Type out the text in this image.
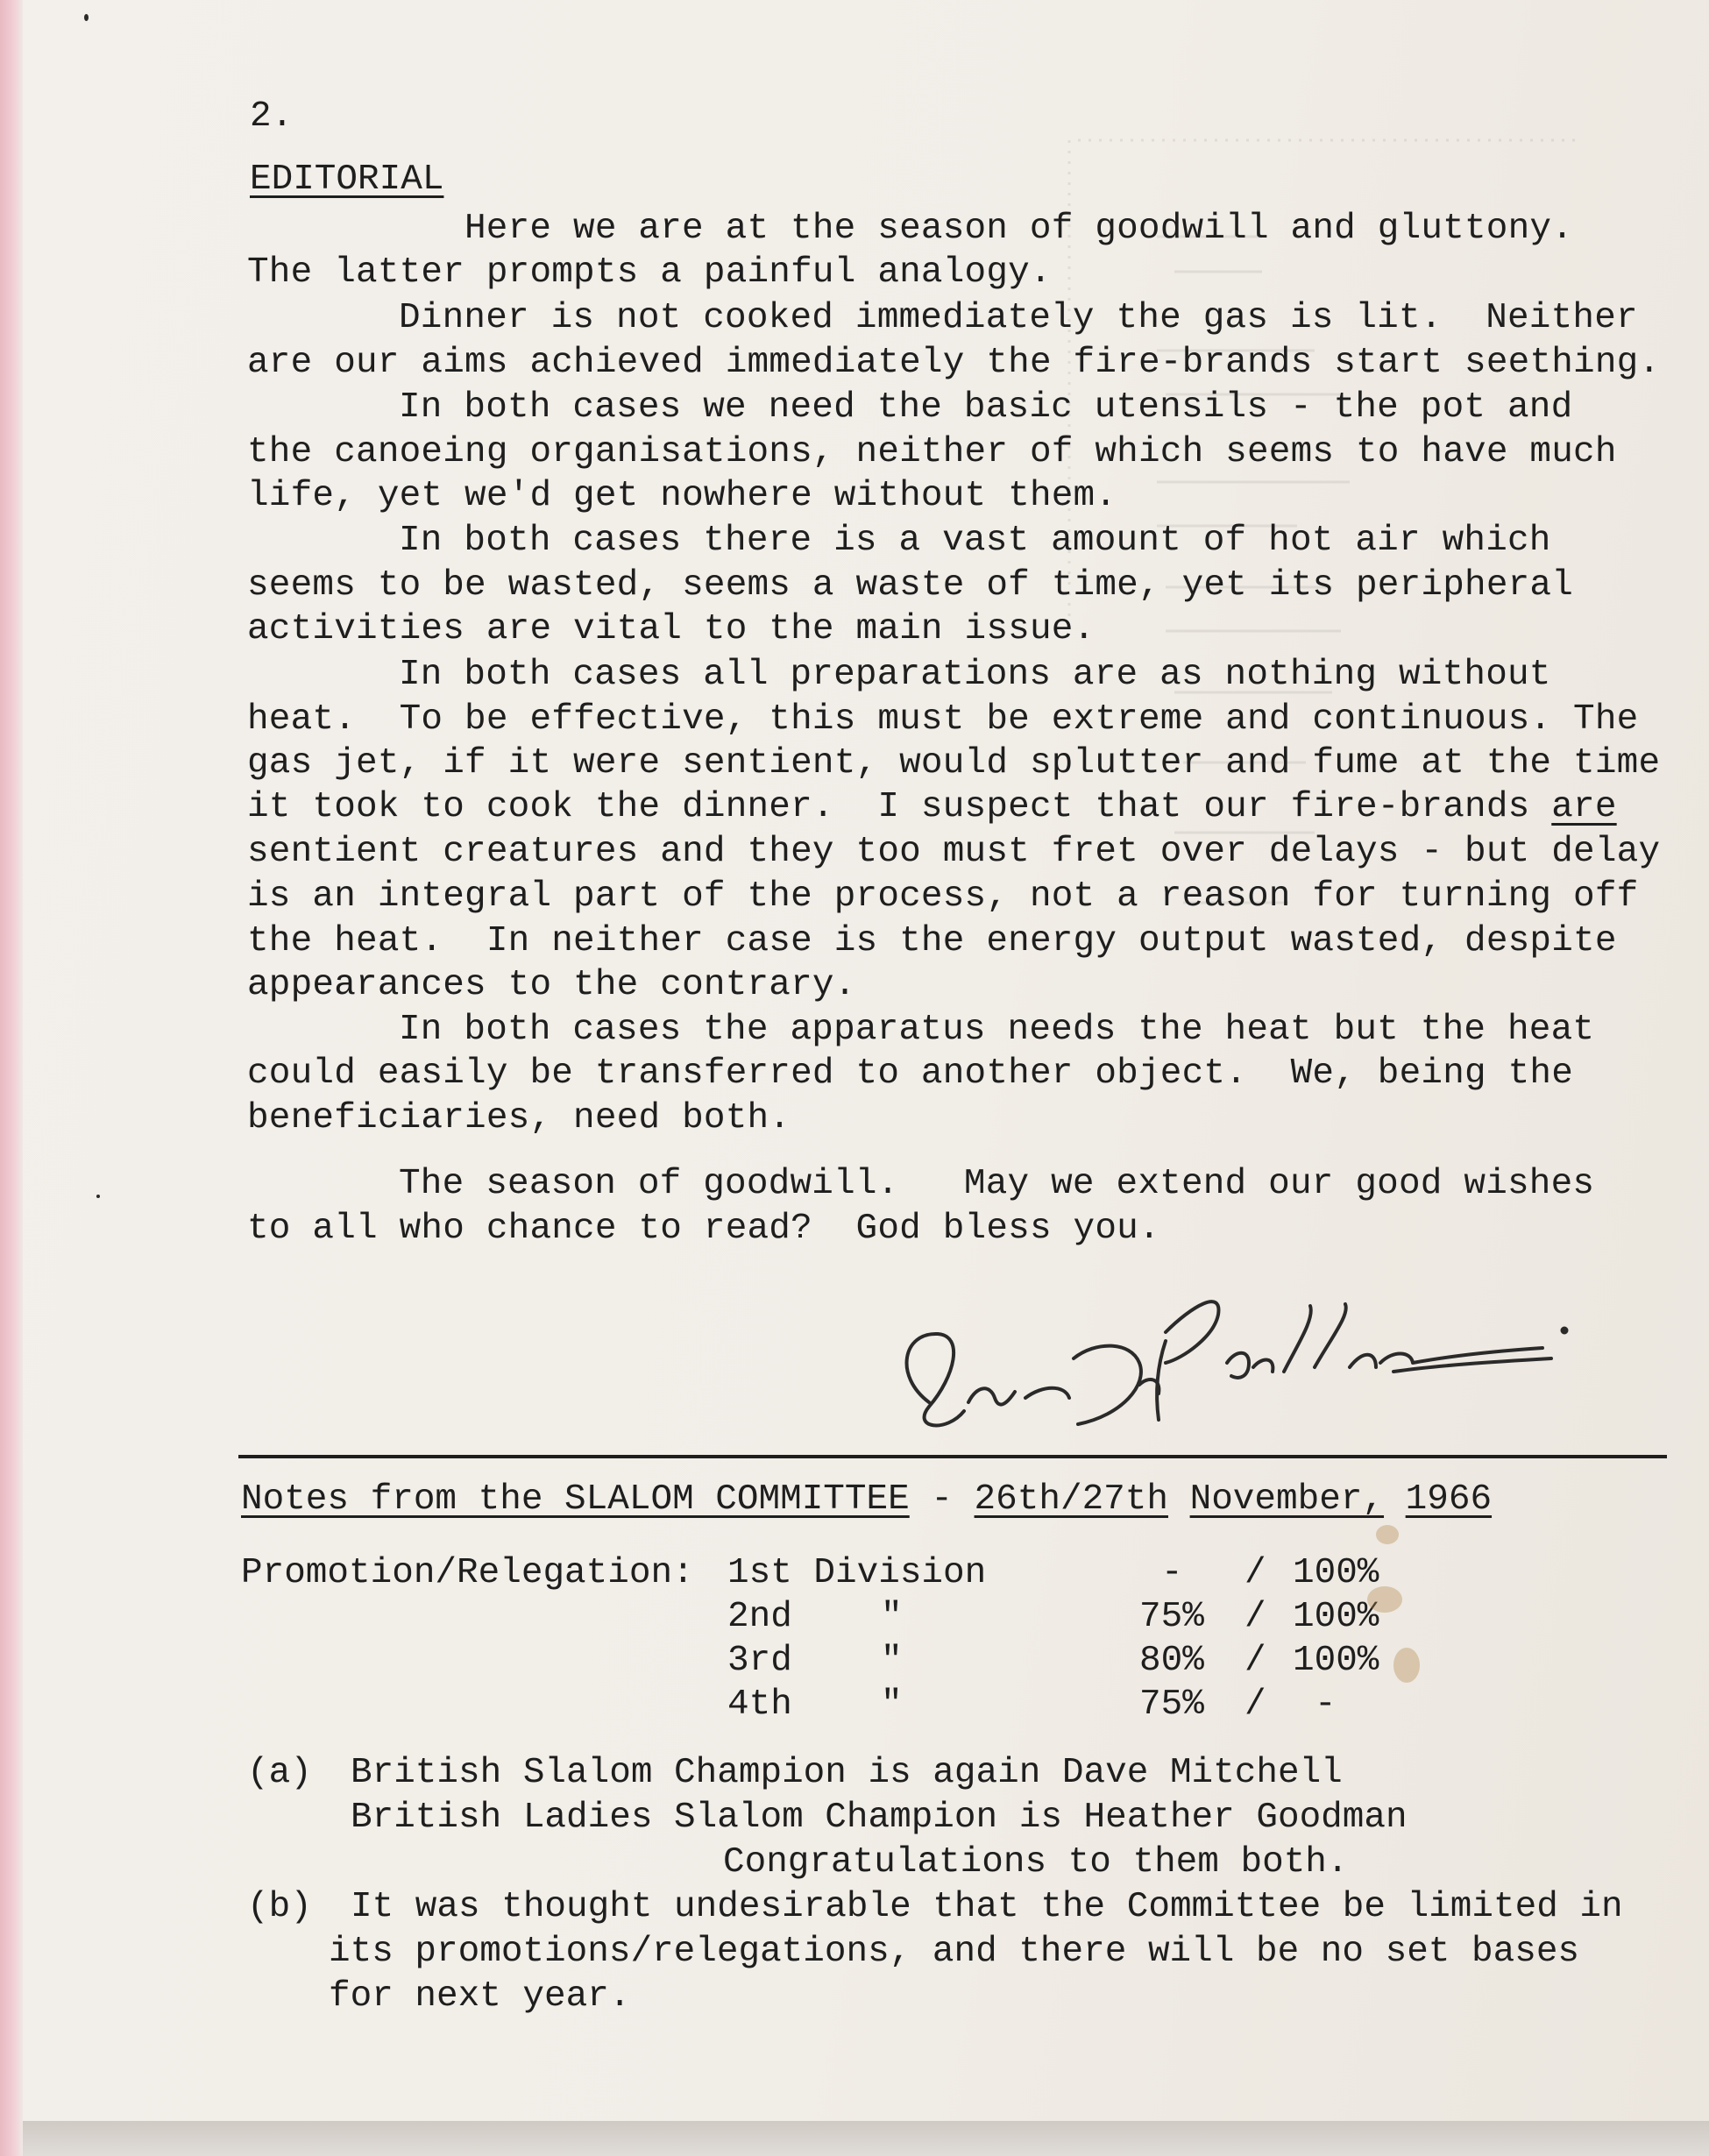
2.
EDITORIAL
Here we are at the season of goodwill and gluttony.
The latter prompts a painful analogy.
Dinner is not cooked immediately the gas is lit.  Neither
are our aims achieved immediately the fire-brands start seething.
In both cases we need the basic utensils - the pot and
the canoeing organisations, neither of which seems to have much
life, yet we'd get nowhere without them.
In both cases there is a vast amount of hot air which
seems to be wasted, seems a waste of time, yet its peripheral
activities are vital to the main issue.
In both cases all preparations are as nothing without
heat.  To be effective, this must be extreme and continuous. The
gas jet, if it were sentient, would splutter and fume at the time
it took to cook the dinner.  I suspect that our fire-brands are
sentient creatures and they too must fret over delays - but delay
is an integral part of the process, not a reason for turning off
the heat.  In neither case is the energy output wasted, despite
appearances to the contrary.
In both cases the apparatus needs the heat but the heat
could easily be transferred to another object.  We, being the
beneficiaries, need both.
The season of goodwill.   May we extend our good wishes
to all who chance to read?  God bless you.
Notes from the SLALOM COMMITTEE - 26th/27th November, 1966
Promotion/Relegation: 1st Division	- / 100%
2nd "	75% / 100%
3rd "	80% / 100%
4th "	75% / -
(a) British Slalom Champion is again Dave Mitchell
British Ladies Slalom Champion is Heather Goodman
Congratulations to them both.
(b) It was thought undesirable that the Committee be limited in
its promotions/relegations, and there will be no set bases
for next year.
